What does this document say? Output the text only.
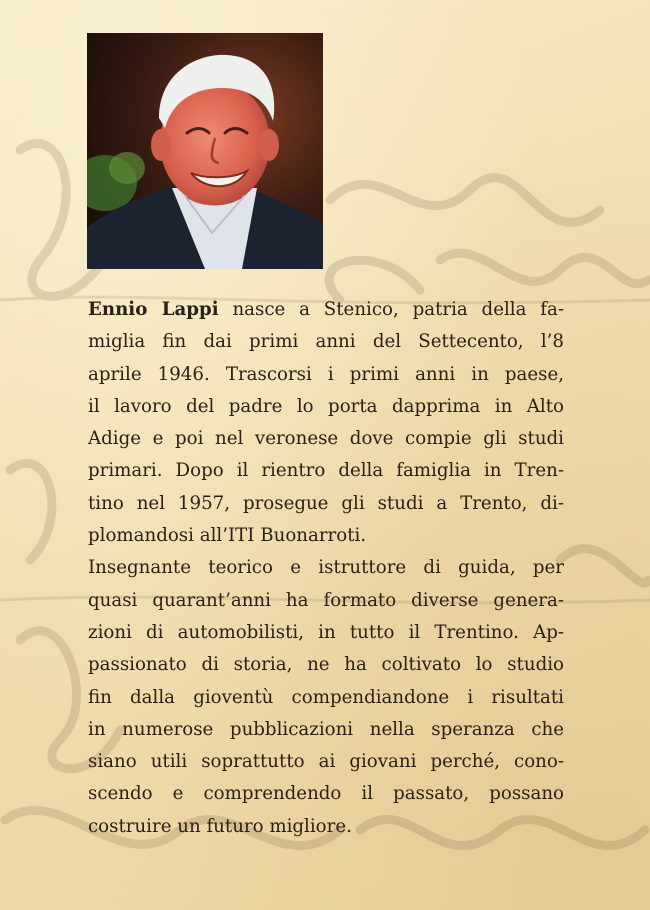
Ennio Lappi nasce a Stenico, patria della fa-
miglia fin dai primi anni del Settecento, l’8
aprile 1946. Trascorsi i primi anni in paese,
il lavoro del padre lo porta dapprima in Alto
Adige e poi nel veronese dove compie gli studi
primari. Dopo il rientro della famiglia in Tren-
tino nel 1957, prosegue gli studi a Trento, di-
plomandosi all’ITI Buonarroti.
Insegnante teorico e istruttore di guida, per
quasi quarant’anni ha formato diverse genera-
zioni di automobilisti, in tutto il Trentino. Ap-
passionato di storia, ne ha coltivato lo studio
fin dalla gioventù compendiandone i risultati
in numerose pubblicazioni nella speranza che
siano utili soprattutto ai giovani perché, cono-
scendo e comprendendo il passato, possano
costruire un futuro migliore.
